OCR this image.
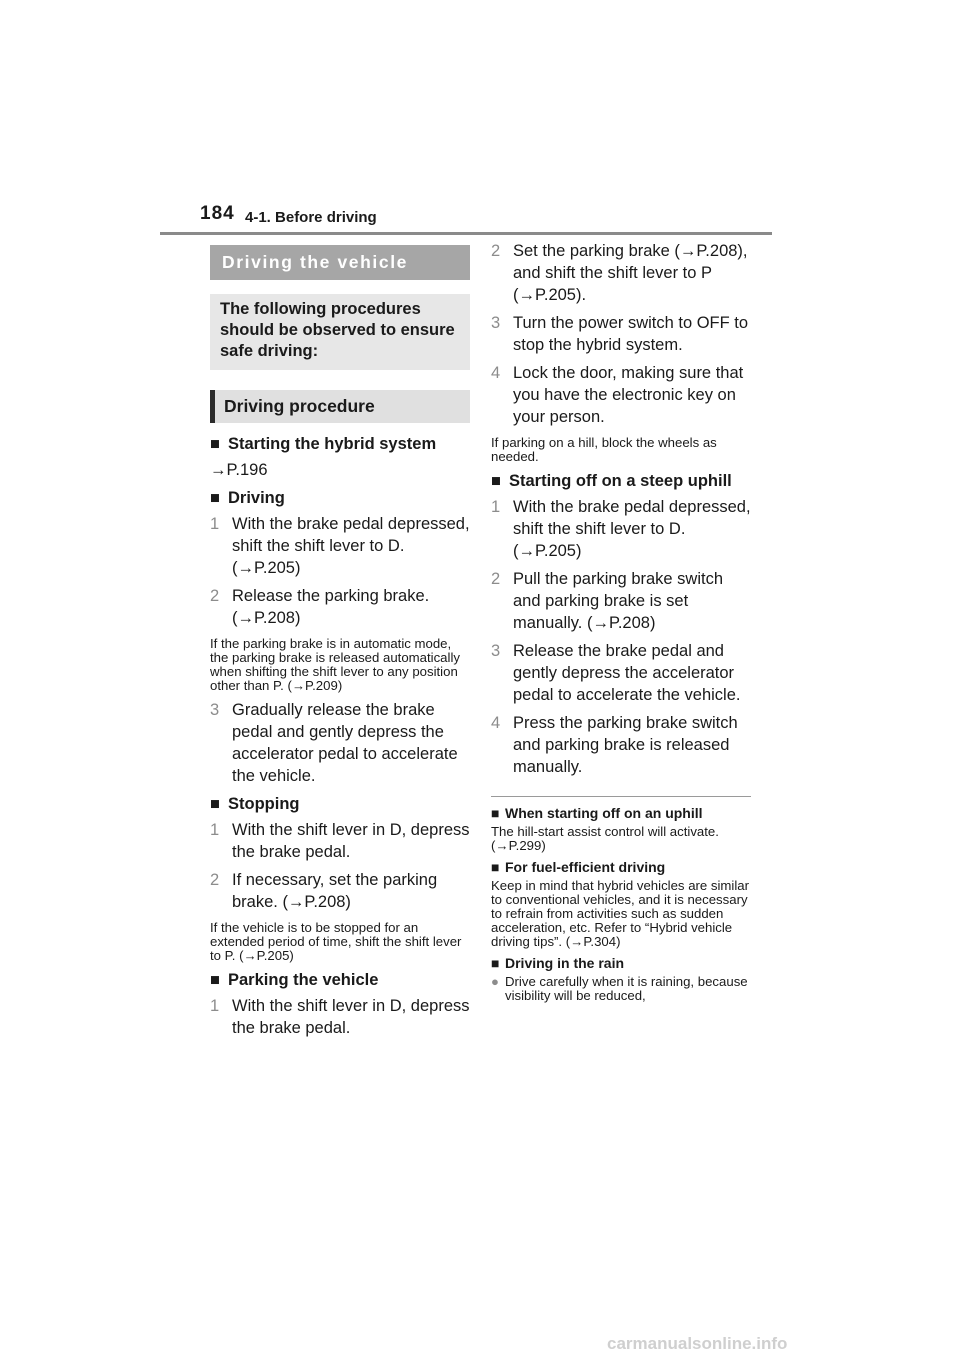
184 4-1. Before driving
Driving the vehicle
The following procedures should be observed to ensure safe driving:
Driving procedure
■ Starting the hybrid system
→P.196
■ Driving
1 With the brake pedal depressed, shift the shift lever to D. (→P.205)
2 Release the parking brake. (→P.208)
If the parking brake is in automatic mode, the parking brake is released automatically when shifting the shift lever to any position other than P. (→P.209)
3 Gradually release the brake pedal and gently depress the accelerator pedal to accelerate the vehicle.
■ Stopping
1 With the shift lever in D, depress the brake pedal.
2 If necessary, set the parking brake. (→P.208)
If the vehicle is to be stopped for an extended period of time, shift the shift lever to P. (→P.205)
■ Parking the vehicle
1 With the shift lever in D, depress the brake pedal.
2 Set the parking brake (→P.208), and shift the shift lever to P (→P.205).
3 Turn the power switch to OFF to stop the hybrid system.
4 Lock the door, making sure that you have the electronic key on your person.
If parking on a hill, block the wheels as needed.
■ Starting off on a steep uphill
1 With the brake pedal depressed, shift the shift lever to D. (→P.205)
2 Pull the parking brake switch and parking brake is set manually. (→P.208)
3 Release the brake pedal and gently depress the accelerator pedal to accelerate the vehicle.
4 Press the parking brake switch and parking brake is released manually.
■ When starting off on an uphill
The hill-start assist control will activate. (→P.299)
■ For fuel-efficient driving
Keep in mind that hybrid vehicles are similar to conventional vehicles, and it is necessary to refrain from activities such as sudden acceleration, etc. Refer to “Hybrid vehicle driving tips”. (→P.304)
■ Driving in the rain
● Drive carefully when it is raining, because visibility will be reduced,
carmanualsonline.info
